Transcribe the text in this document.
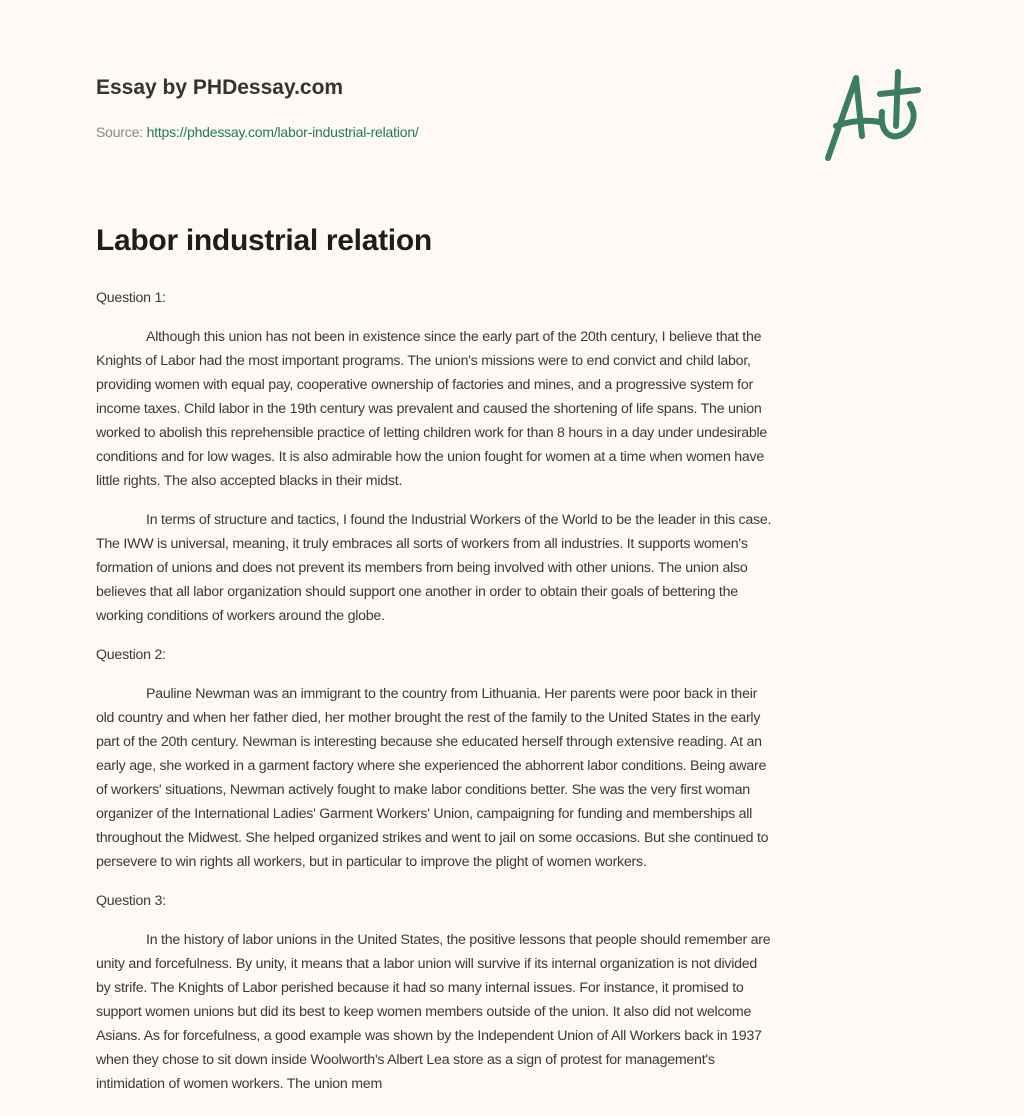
Essay by PHDessay.com
Source: https://phdessay.com/labor-industrial-relation/
Labor industrial relation
Question 1:
Although this union has not been in existence since the early part of the 20th century, I believe that the
Knights of Labor had the most important programs. The union's missions were to end convict and child labor,
providing women with equal pay, cooperative ownership of factories and mines, and a progressive system for
income taxes. Child labor in the 19th century was prevalent and caused the shortening of life spans. The union
worked to abolish this reprehensible practice of letting children work for than 8 hours in a day under undesirable
conditions and for low wages. It is also admirable how the union fought for women at a time when women have
little rights. The also accepted blacks in their midst.
In terms of structure and tactics, I found the Industrial Workers of the World to be the leader in this case.
The IWW is universal, meaning, it truly embraces all sorts of workers from all industries. It supports women's
formation of unions and does not prevent its members from being involved with other unions. The union also
believes that all labor organization should support one another in order to obtain their goals of bettering the
working conditions of workers around the globe.
Question 2:
Pauline Newman was an immigrant to the country from Lithuania. Her parents were poor back in their
old country and when her father died, her mother brought the rest of the family to the United States in the early
part of the 20th century. Newman is interesting because she educated herself through extensive reading. At an
early age, she worked in a garment factory where she experienced the abhorrent labor conditions. Being aware
of workers' situations, Newman actively fought to make labor conditions better. She was the very first woman
organizer of the International Ladies' Garment Workers' Union, campaigning for funding and memberships all
throughout the Midwest. She helped organized strikes and went to jail on some occasions. But she continued to
persevere to win rights all workers, but in particular to improve the plight of women workers.
Question 3:
In the history of labor unions in the United States, the positive lessons that people should remember are
unity and forcefulness. By unity, it means that a labor union will survive if its internal organization is not divided
by strife. The Knights of Labor perished because it had so many internal issues. For instance, it promised to
support women unions but did its best to keep women members outside of the union. It also did not welcome
Asians. As for forcefulness, a good example was shown by the Independent Union of All Workers back in 1937
when they chose to sit down inside Woolworth's Albert Lea store as a sign of protest for management's
intimidation of women workers. The union mem
